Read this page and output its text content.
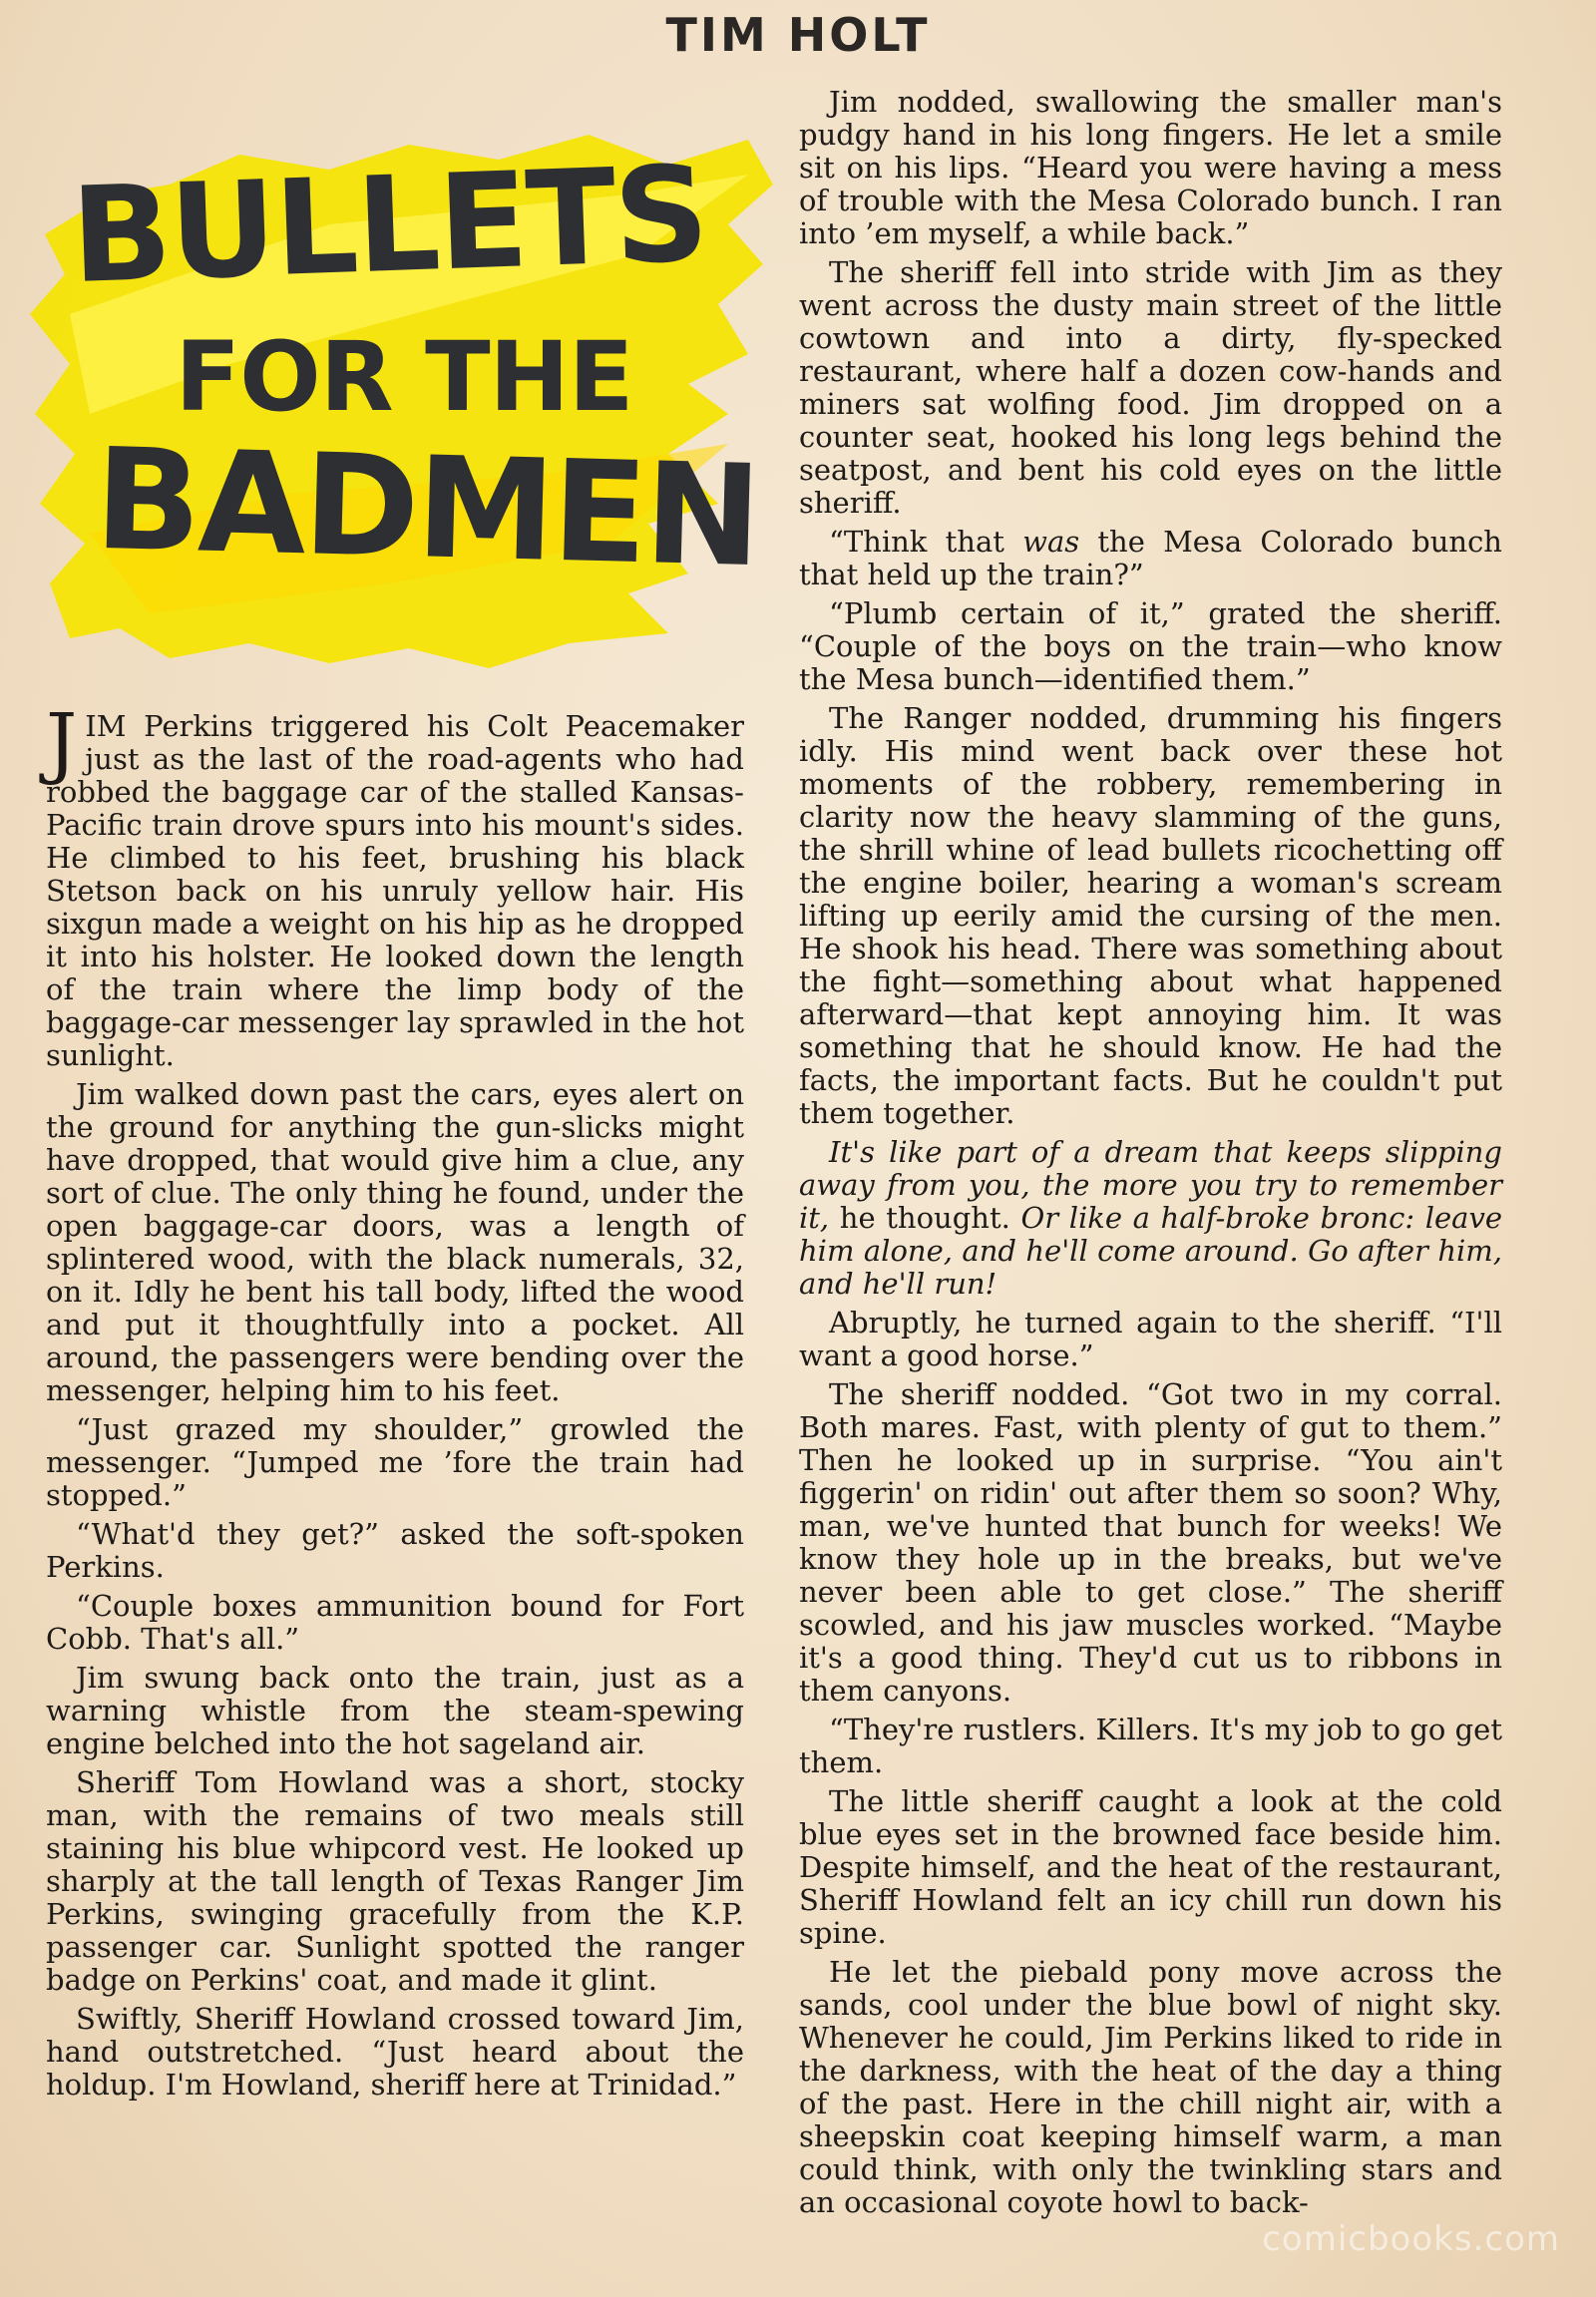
TIM HOLT
BULLETS
FOR THE
BADMEN

JIM Perkins triggered his Colt Peacemaker just as the last of the road-agents who had robbed the baggage car of the stalled Kansas-Pacific train drove spurs into his mount's sides. He climbed to his feet, brushing his black Stetson back on his unruly yellow hair. His sixgun made a weight on his hip as he dropped it into his holster. He looked down the length of the train where the limp body of the baggage-car messenger lay sprawled in the hot sunlight.

Jim walked down past the cars, eyes alert on the ground for anything the gun-slicks might have dropped, that would give him a clue, any sort of clue. The only thing he found, under the open baggage-car doors, was a length of splintered wood, with the black numerals, 32, on it. Idly he bent his tall body, lifted the wood and put it thoughtfully into a pocket. All around, the passengers were bending over the messenger, helping him to his feet.

“Just grazed my shoulder,” growled the messenger. “Jumped me ’fore the train had stopped.”

“What'd they get?” asked the soft-spoken Perkins.

“Couple boxes ammunition bound for Fort Cobb. That's all.”

Jim swung back onto the train, just as a warning whistle from the steam-spewing engine belched into the hot sageland air.

Sheriff Tom Howland was a short, stocky man, with the remains of two meals still staining his blue whipcord vest. He looked up sharply at the tall length of Texas Ranger Jim Perkins, swinging gracefully from the K.P. passenger car. Sunlight spotted the ranger badge on Perkins' coat, and made it glint.

Swiftly, Sheriff Howland crossed toward Jim, hand outstretched. “Just heard about the holdup. I'm Howland, sheriff here at Trinidad.”

Jim nodded, swallowing the smaller man's pudgy hand in his long fingers. He let a smile sit on his lips. “Heard you were having a mess of trouble with the Mesa Colorado bunch. I ran into ’em myself, a while back.”

The sheriff fell into stride with Jim as they went across the dusty main street of the little cowtown and into a dirty, fly-specked restaurant, where half a dozen cow-hands and miners sat wolfing food. Jim dropped on a counter seat, hooked his long legs behind the seatpost, and bent his cold eyes on the little sheriff.

“Think that was the Mesa Colorado bunch that held up the train?”

“Plumb certain of it,” grated the sheriff. “Couple of the boys on the train—who know the Mesa bunch—identified them.”

The Ranger nodded, drumming his fingers idly. His mind went back over these hot moments of the robbery, remembering in clarity now the heavy slamming of the guns, the shrill whine of lead bullets ricochetting off the engine boiler, hearing a woman's scream lifting up eerily amid the cursing of the men. He shook his head. There was something about the fight—something about what happened afterward—that kept annoying him. It was something that he should know. He had the facts, the important facts. But he couldn't put them together.

It's like part of a dream that keeps slipping away from you, the more you try to remember it, he thought. Or like a half-broke bronc: leave him alone, and he'll come around. Go after him, and he'll run!

Abruptly, he turned again to the sheriff. “I'll want a good horse.”

The sheriff nodded. “Got two in my corral. Both mares. Fast, with plenty of gut to them.” Then he looked up in surprise. “You ain't figgerin' on ridin' out after them so soon? Why, man, we've hunted that bunch for weeks! We know they hole up in the breaks, but we've never been able to get close.” The sheriff scowled, and his jaw muscles worked. “Maybe it's a good thing. They'd cut us to ribbons in them canyons.

“They're rustlers. Killers. It's my job to go get them.

The little sheriff caught a look at the cold blue eyes set in the browned face beside him. Despite himself, and the heat of the restaurant, Sheriff Howland felt an icy chill run down his spine.

He let the piebald pony move across the sands, cool under the blue bowl of night sky. Whenever he could, Jim Perkins liked to ride in the darkness, with the heat of the day a thing of the past. Here in the chill night air, with a sheepskin coat keeping himself warm, a man could think, with only the twinkling stars and an occasional coyote howl to back-

comicbooks.com
